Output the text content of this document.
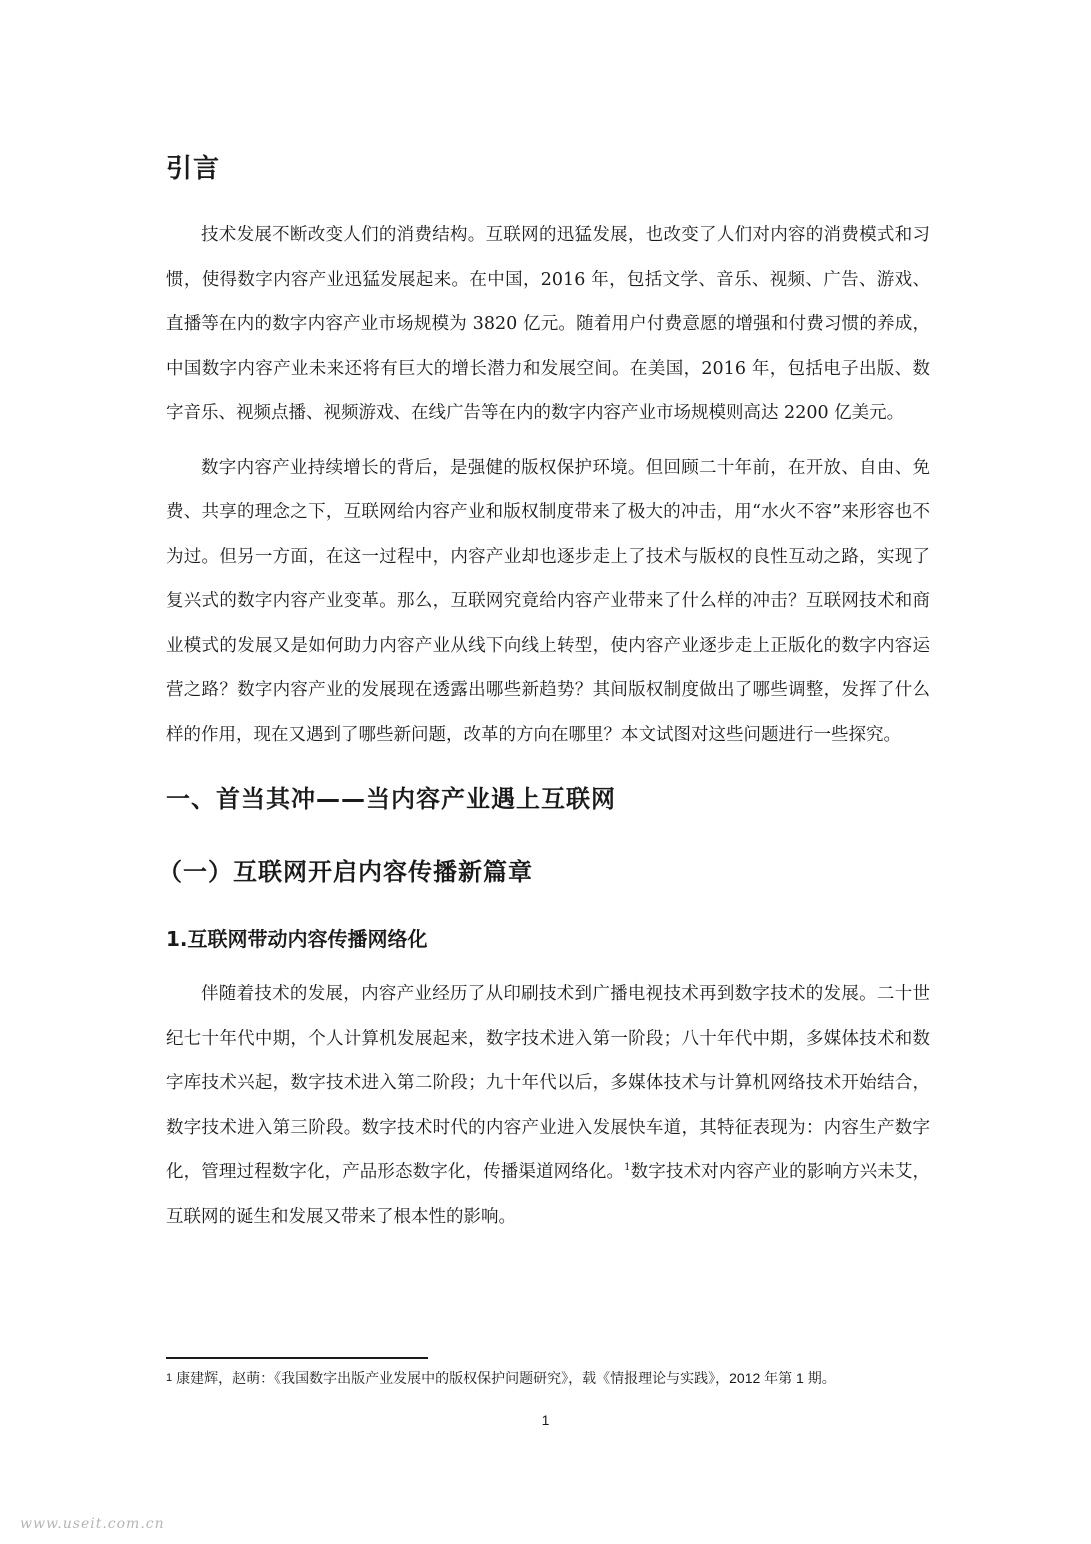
引言

技术发展不断改变人们的消费结构。互联网的迅猛发展，也改变了人们对内容的消费模式和习惯，使得数字内容产业迅猛发展起来。在中国，2016 年，包括文学、音乐、视频、广告、游戏、直播等在内的数字内容产业市场规模为 3820 亿元。随着用户付费意愿的增强和付费习惯的养成，中国数字内容产业未来还将有巨大的增长潜力和发展空间。在美国，2016 年，包括电子出版、数字音乐、视频点播、视频游戏、在线广告等在内的数字内容产业市场规模则高达 2200 亿美元。

数字内容产业持续增长的背后，是强健的版权保护环境。但回顾二十年前，在开放、自由、免费、共享的理念之下，互联网给内容产业和版权制度带来了极大的冲击，用“水火不容”来形容也不为过。但另一方面，在这一过程中，内容产业却也逐步走上了技术与版权的良性互动之路，实现了复兴式的数字内容产业变革。那么，互联网究竟给内容产业带来了什么样的冲击？互联网技术和商业模式的发展又是如何助力内容产业从线下向线上转型，使内容产业逐步走上正版化的数字内容运营之路？数字内容产业的发展现在透露出哪些新趋势？其间版权制度做出了哪些调整，发挥了什么样的作用，现在又遇到了哪些新问题，改革的方向在哪里？本文试图对这些问题进行一些探究。

一、首当其冲——当内容产业遇上互联网
（一）互联网开启内容传播新篇章
1.互联网带动内容传播网络化

伴随着技术的发展，内容产业经历了从印刷技术到广播电视技术再到数字技术的发展。二十世纪七十年代中期，个人计算机发展起来，数字技术进入第一阶段；八十年代中期，多媒体技术和数字库技术兴起，数字技术进入第二阶段；九十年代以后，多媒体技术与计算机网络技术开始结合，数字技术进入第三阶段。数字技术时代的内容产业进入发展快车道，其特征表现为：内容生产数字化，管理过程数字化，产品形态数字化，传播渠道网络化。$^1$数字技术对内容产业的影响方兴未艾，互联网的诞生和发展又带来了根本性的影响。

$^1$ 康建辉，赵萌：《我国数字出版产业发展中的版权保护问题研究》，载《情报理论与实践》，2012 年第 1 期。
1
www.useit.com.cn
